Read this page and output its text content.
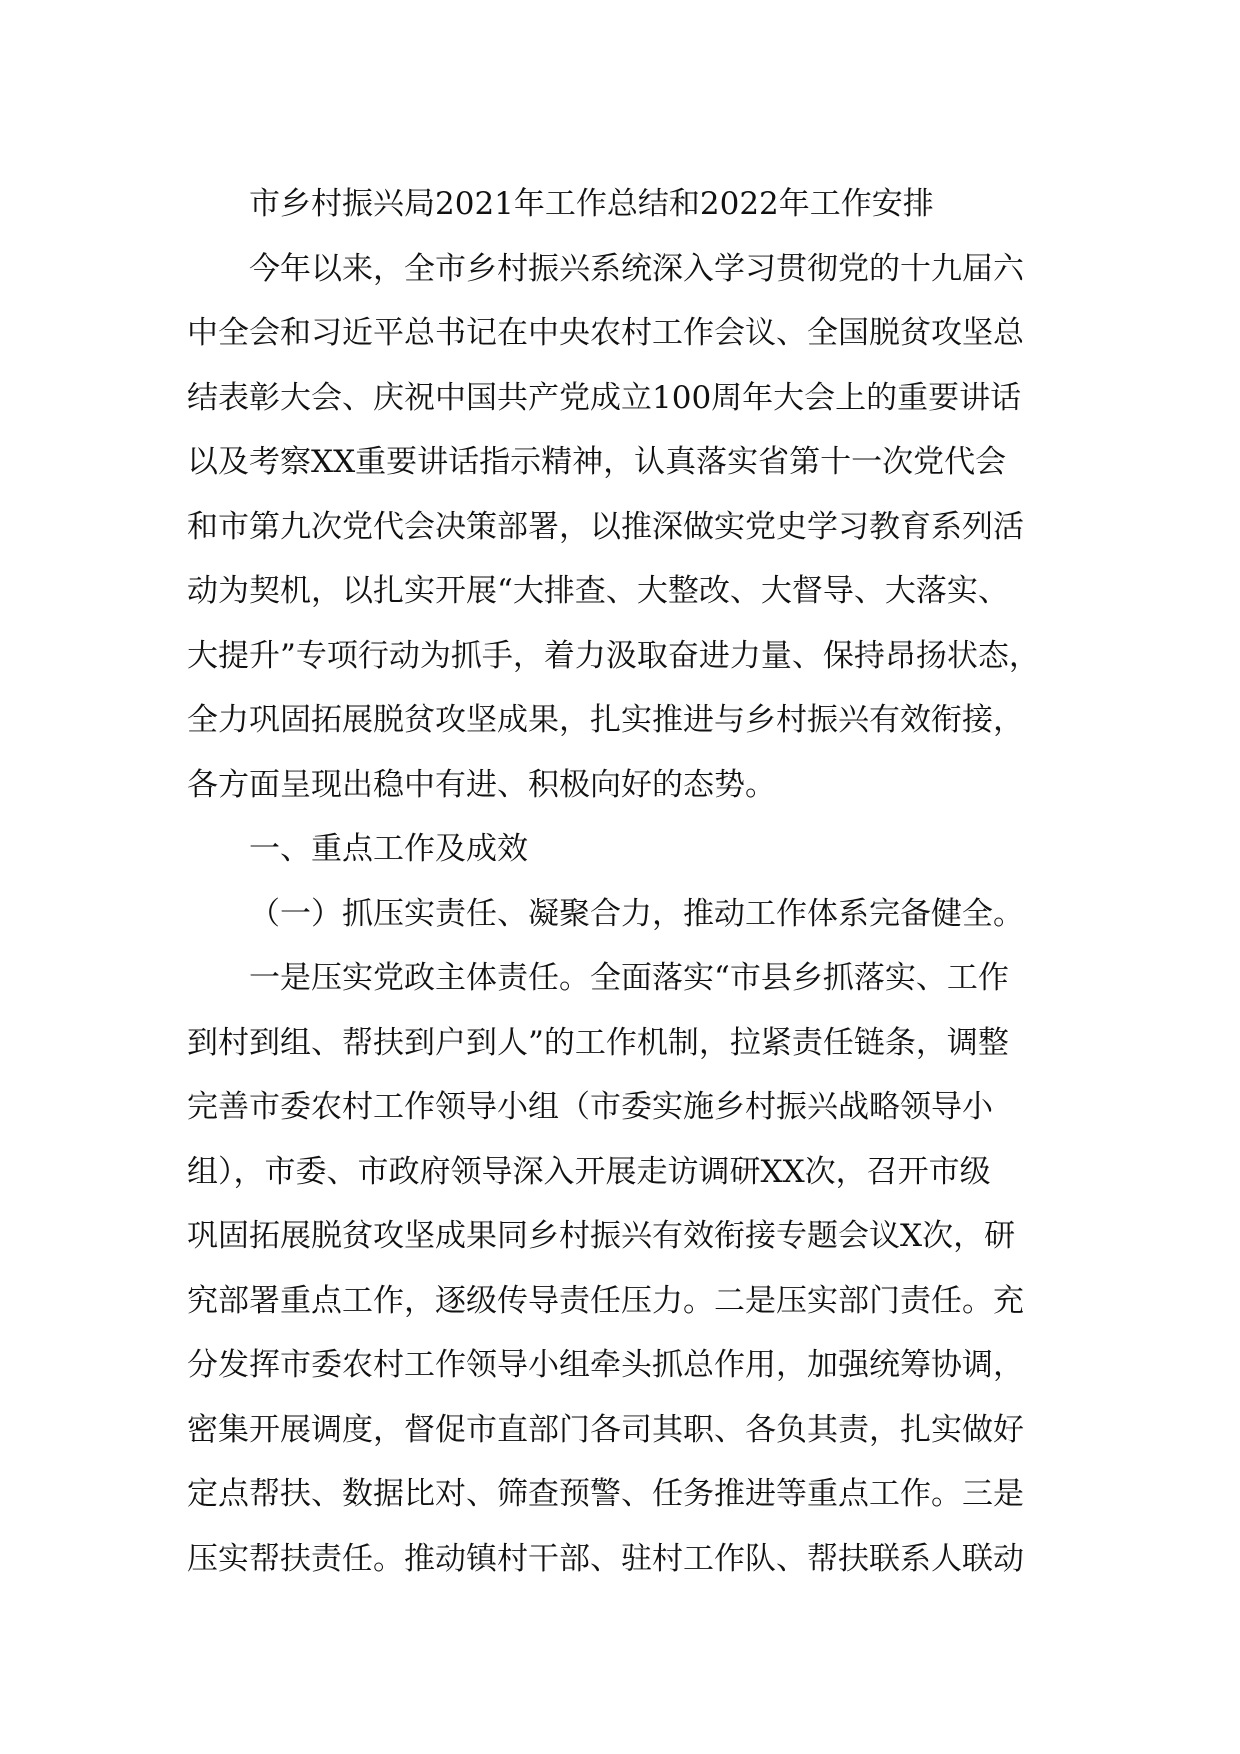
市乡村振兴局2021年工作总结和2022年工作安排
今年以来，全市乡村振兴系统深入学习贯彻党的十九届六
中全会和习近平总书记在中央农村工作会议、全国脱贫攻坚总
结表彰大会、庆祝中国共产党成立100周年大会上的重要讲话
以及考察XX重要讲话指示精神，认真落实省第十一次党代会
和市第九次党代会决策部署，以推深做实党史学习教育系列活
动为契机，以扎实开展“大排查、大整改、大督导、大落实、
大提升”专项行动为抓手，着力汲取奋进力量、保持昂扬状态，
全力巩固拓展脱贫攻坚成果，扎实推进与乡村振兴有效衔接，
各方面呈现出稳中有进、积极向好的态势。
一、重点工作及成效
（一）抓压实责任、凝聚合力，推动工作体系完备健全。
一是压实党政主体责任。全面落实“市县乡抓落实、工作
到村到组、帮扶到户到人”的工作机制，拉紧责任链条，调整
完善市委农村工作领导小组（市委实施乡村振兴战略领导小
组），市委、市政府领导深入开展走访调研XX次，召开市级
巩固拓展脱贫攻坚成果同乡村振兴有效衔接专题会议X次，研
究部署重点工作，逐级传导责任压力。二是压实部门责任。充
分发挥市委农村工作领导小组牵头抓总作用，加强统筹协调，
密集开展调度，督促市直部门各司其职、各负其责，扎实做好
定点帮扶、数据比对、筛查预警、任务推进等重点工作。三是
压实帮扶责任。推动镇村干部、驻村工作队、帮扶联系人联动
